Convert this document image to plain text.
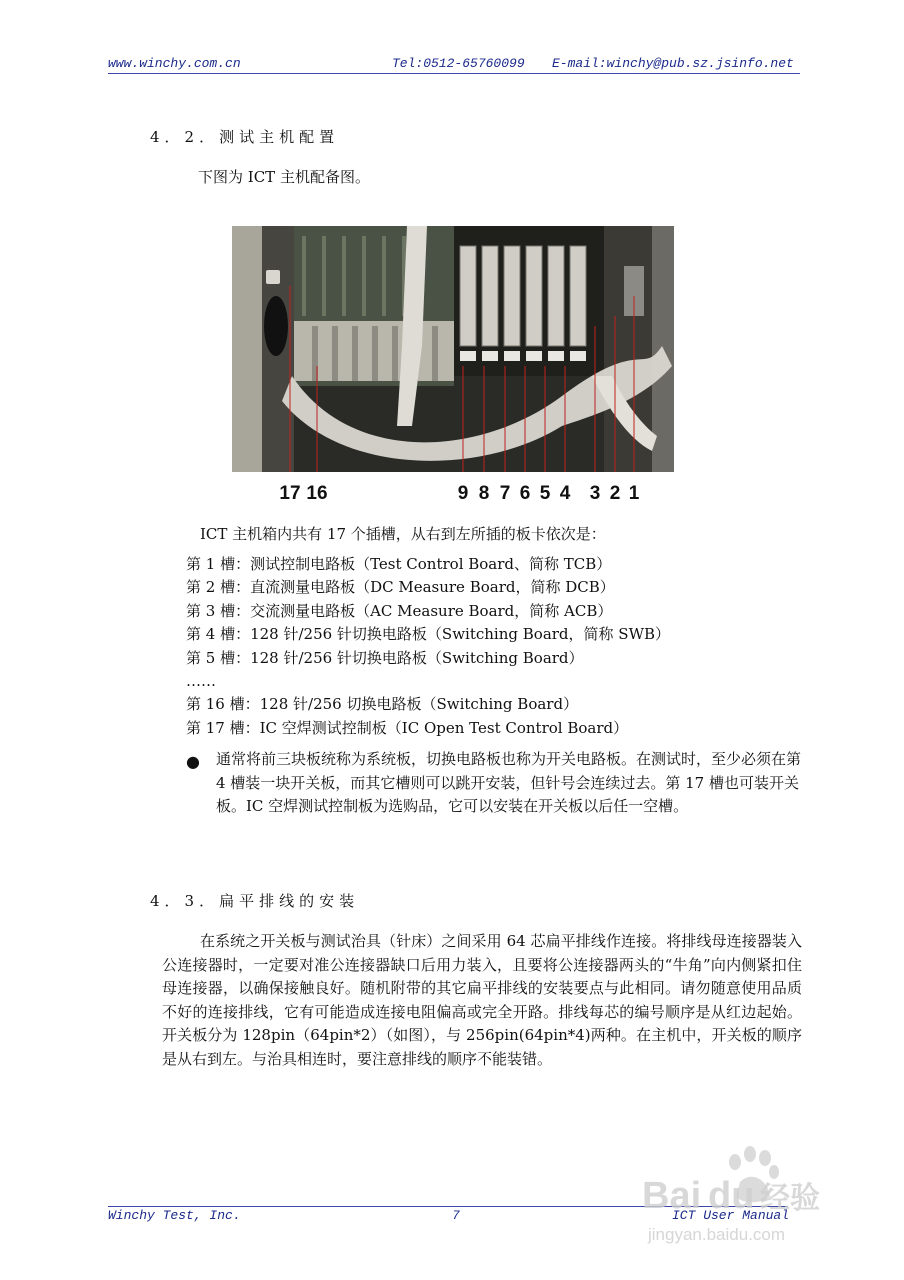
www.winchy.com.cn	Tel:0512-65760099 E-mail:winchy@pub.sz.jsinfo.net
4．2．测试主机配置
下图为 ICT 主机配备图。
17 16	9 8 7 6 5 4 3 2 1
ICT 主机箱内共有 17 个插槽，从右到左所插的板卡依次是：
第 1 槽：测试控制电路板（Test Control Board、简称 TCB）
第 2 槽：直流测量电路板（DC Measure Board，简称 DCB）
第 3 槽：交流测量电路板（AC Measure Board，简称 ACB）
第 4 槽：128 针/256 针切换电路板（Switching Board，简称 SWB）
第 5 槽：128 针/256 针切换电路板（Switching Board）
……
第 16 槽：128 针/256 切换电路板（Switching Board）
第 17 槽：IC 空焊测试控制板（IC Open Test Control Board）
● 通常将前三块板统称为系统板，切换电路板也称为开关电路板。在测试时，至少必须在第 4 槽装一块开关板，而其它槽则可以跳开安装，但针号会连续过去。第 17 槽也可装开关板。IC 空焊测试控制板为选购品，它可以安装在开关板以后任一空槽。
4．3．扁平排线的安装
在系统之开关板与测试治具（针床）之间采用 64 芯扁平排线作连接。将排线母连接器装入公连接器时，一定要对准公连接器缺口后用力装入，且要将公连接器两头的“牛角”向内侧紧扣住母连接器，以确保接触良好。随机附带的其它扁平排线的安装要点与此相同。请勿随意使用品质不好的连接排线，它有可能造成连接电阻偏高或完全开路。排线每芯的编号顺序是从红边起始。开关板分为 128pin（64pin*2）（如图），与 256pin(64pin*4)两种。在主机中，开关板的顺序是从右到左。与治具相连时，要注意排线的顺序不能装错。
Winchy Test, Inc.	7	ICT User Manual
Bai du 经验
jingyan.baidu.com
